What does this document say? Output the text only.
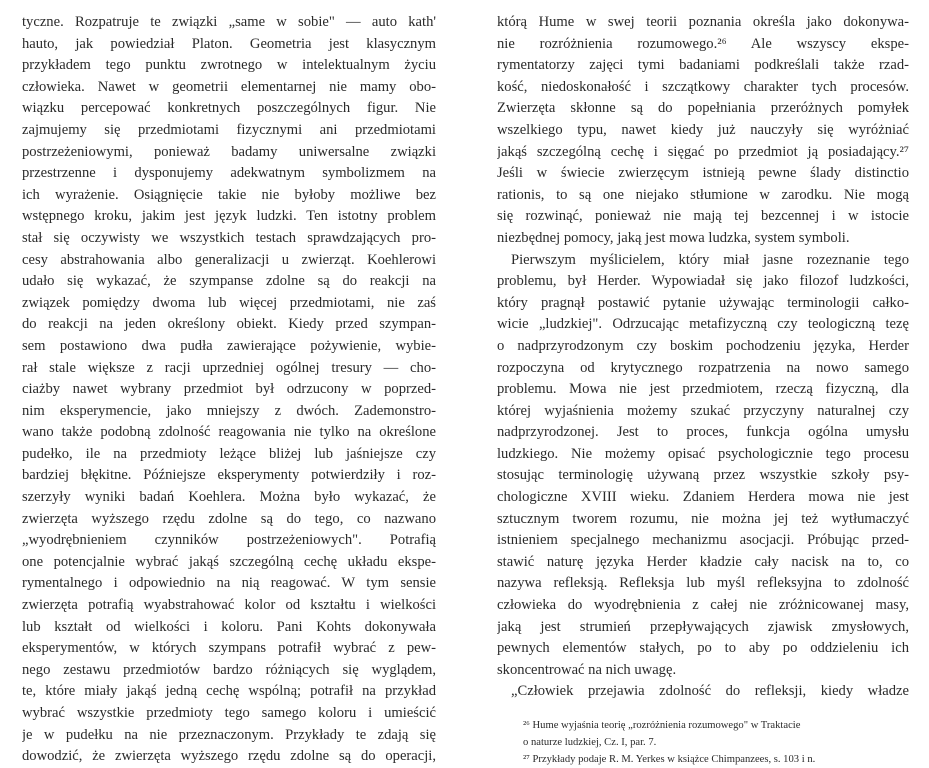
tyczne. Rozpatruje te związki „same w sobie" — auto kath'
hauto, jak powiedział Platon. Geometria jest klasycznym
przykładem tego punktu zwrotnego w intelektualnym życiu
człowieka. Nawet w geometrii elementarnej nie mamy obo-
wiązku percepować konkretnych poszczególnych figur. Nie
zajmujemy się przedmiotami fizycznymi ani przedmiotami
postrzeżeniowymi, ponieważ badamy uniwersalne związki
przestrzenne i dysponujemy adekwatnym symbolizmem na
ich wyrażenie. Osiągnięcie takie nie byłoby możliwe bez
wstępnego kroku, jakim jest język ludzki. Ten istotny problem
stał się oczywisty we wszystkich testach sprawdzających pro-
cesy abstrahowania albo generalizacji u zwierząt. Koehlerowi
udało się wykazać, że szympanse zdolne są do reakcji na
związek pomiędzy dwoma lub więcej przedmiotami, nie zaś
do reakcji na jeden określony obiekt. Kiedy przed szympan-
sem postawiono dwa pudła zawierające pożywienie, wybie-
rał stale większe z racji uprzedniej ogólnej tresury — cho-
ciażby nawet wybrany przedmiot był odrzucony w poprzed-
nim eksperymencie, jako mniejszy z dwóch. Zademonstro-
wano także podobną zdolność reagowania nie tylko na określone
pudełko, ile na przedmioty leżące bliżej lub jaśniejsze czy
bardziej błękitne. Późniejsze eksperymenty potwierdziły i roz-
szerzyły wyniki badań Koehlera. Można było wykazać, że
zwierzęta wyższego rzędu zdolne są do tego, co nazwano
„wyodrębnieniem czynników postrzeżeniowych". Potrafią
one potencjalnie wybrać jakąś szczególną cechę układu ekspe-
rymentalnego i odpowiednio na nią reagować. W tym sensie
zwierzęta potrafią wyabstrahować kolor od kształtu i wielkości
lub kształt od wielkości i koloru. Pani Kohts dokonywała
eksperymentów, w których szympans potrafił wybrać z pew-
nego zestawu przedmiotów bardzo różniących się wyglądem,
te, które miały jakąś jedną cechę wspólną; potrafił na przykład
wybrać wszystkie przedmioty tego samego koloru i umieścić
je w pudełku na nie przeznaczonym. Przykłady te zdają się
dowodzić, że zwierzęta wyższego rzędu zdolne są do operacji,
którą Hume w swej teorii poznania określa jako dokonywa-
nie rozróżnienia rozumowego.²⁶ Ale wszyscy ekspe-
rymentatorzy zajęci tymi badaniami podkreślali także rzad-
kość, niedoskonałość i szczątkowy charakter tych procesów.
Zwierzęta skłonne są do popełniania przeróżnych pomyłek
wszelkiego typu, nawet kiedy już nauczyły się wyróżniać
jakąś szczególną cechę i sięgać po przedmiot ją posiadający.²⁷
Jeśli w świecie zwierzęcym istnieją pewne ślady distinctio
rationis, to są one niejako stłumione w zarodku. Nie mogą
się rozwinąć, ponieważ nie mają tej bezcennej i w istocie
niezbędnej pomocy, jaką jest mowa ludzka, system symboli.
Pierwszym myślicielem, który miał jasne rozeznanie tego
problemu, był Herder. Wypowiadał się jako filozof ludzkości,
który pragnął postawić pytanie używając terminologii całko-
wicie „ludzkiej". Odrzucając metafizyczną czy teologiczną tezę
o nadprzyrodzonym czy boskim pochodzeniu języka, Herder
rozpoczyna od krytycznego rozpatrzenia na nowo samego
problemu. Mowa nie jest przedmiotem, rzeczą fizyczną, dla
której wyjaśnienia możemy szukać przyczyny naturalnej czy
nadprzyrodzonej. Jest to proces, funkcja ogólna umysłu
ludzkiego. Nie możemy opisać psychologicznie tego procesu
stosując terminologię używaną przez wszystkie szkoły psy-
chologiczne XVIII wieku. Zdaniem Herdera mowa nie jest
sztucznym tworem rozumu, nie można jej też wytłumaczyć
istnieniem specjalnego mechanizmu asocjacji. Próbując przed-
stawić naturę języka Herder kładzie cały nacisk na to, co
nazywa refleksją. Refleksja lub myśl refleksyjna to zdolność
człowieka do wyodrębnienia z całej nie zróżnicowanej masy,
jaką jest strumień przepływających zjawisk zmysłowych,
pewnych elementów stałych, po to aby po oddzieleniu ich
skoncentrować na nich uwagę.
„Człowiek przejawia zdolność do refleksji, kiedy władze
²⁶ Hume wyjaśnia teorię „rozróżnienia rozumowego" w Traktacie
o naturze ludzkiej, Cz. I, par. 7.
²⁷ Przykłady podaje R. M. Yerkes w książce Chimpanzees, s. 103 i n.
